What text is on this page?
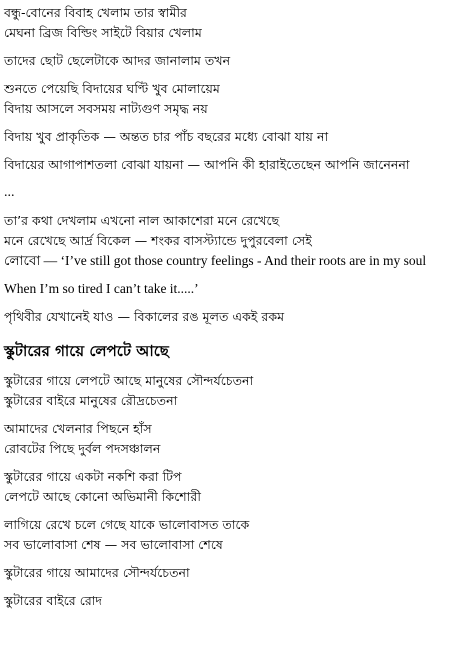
বন্ধু-বোনের বিবাহ খেলাম তার স্বামীর
মেঘনা ব্রিজ বিল্ডিং সাইটে বিয়ার খেলাম
তাদের ছোট ছেলেটাকে আদর জানালাম তখন
শুনতে পেয়েছি বিদায়ের ঘণ্টি খুব মোলায়েম
বিদায় আসলে সবসময় নাট্যগুণ সমৃদ্ধ নয়
বিদায় খুব প্রাকৃতিক — অন্তত চার পাঁচ বছরের মধ্যে বোঝা যায় না
বিদায়ের আগাপাশতলা বোঝা যায়না — আপনি কী হারাইতেছেন আপনি জানেননা
...
তা’র কথা দেখলাম এখনো নাল আকাশেরা মনে রেখেছে
মনে রেখেছে আর্দ্র বিকেল — শংকর বাসস্ট্যান্ডে দুপুরবেলা সেই
লোবো — ‘I’ve still got those country feelings - And their roots are in my soul
When I’m so tired I can’t take it.....’
পৃথিবীর যেখানেই যাও — বিকালের রঙ মূলত একই রকম
স্কুটারের গায়ে লেপটে আছে
স্কুটারের গায়ে লেপটে আছে মানুষের সৌন্দর্যচেতনা
স্কুটারের বাইরে মানুষের রৌদ্রচেতনা
আমাদের খেলনার পিছনে হাঁস
রোবটের পিছে দুর্বল পদসঞ্চালন
স্কুটারের গায়ে একটা নকশি করা টিপ
লেপটে আছে কোনো অভিমানী কিশোরী
লাগিয়ে রেখে চলে গেছে যাকে ভালোবাসত তাকে
সব ভালোবাসা শেষ — সব ভালোবাসা শেষে
স্কুটারের গায়ে আমাদের সৌন্দর্যচেতনা
স্কুটারের বাইরে রোদ
